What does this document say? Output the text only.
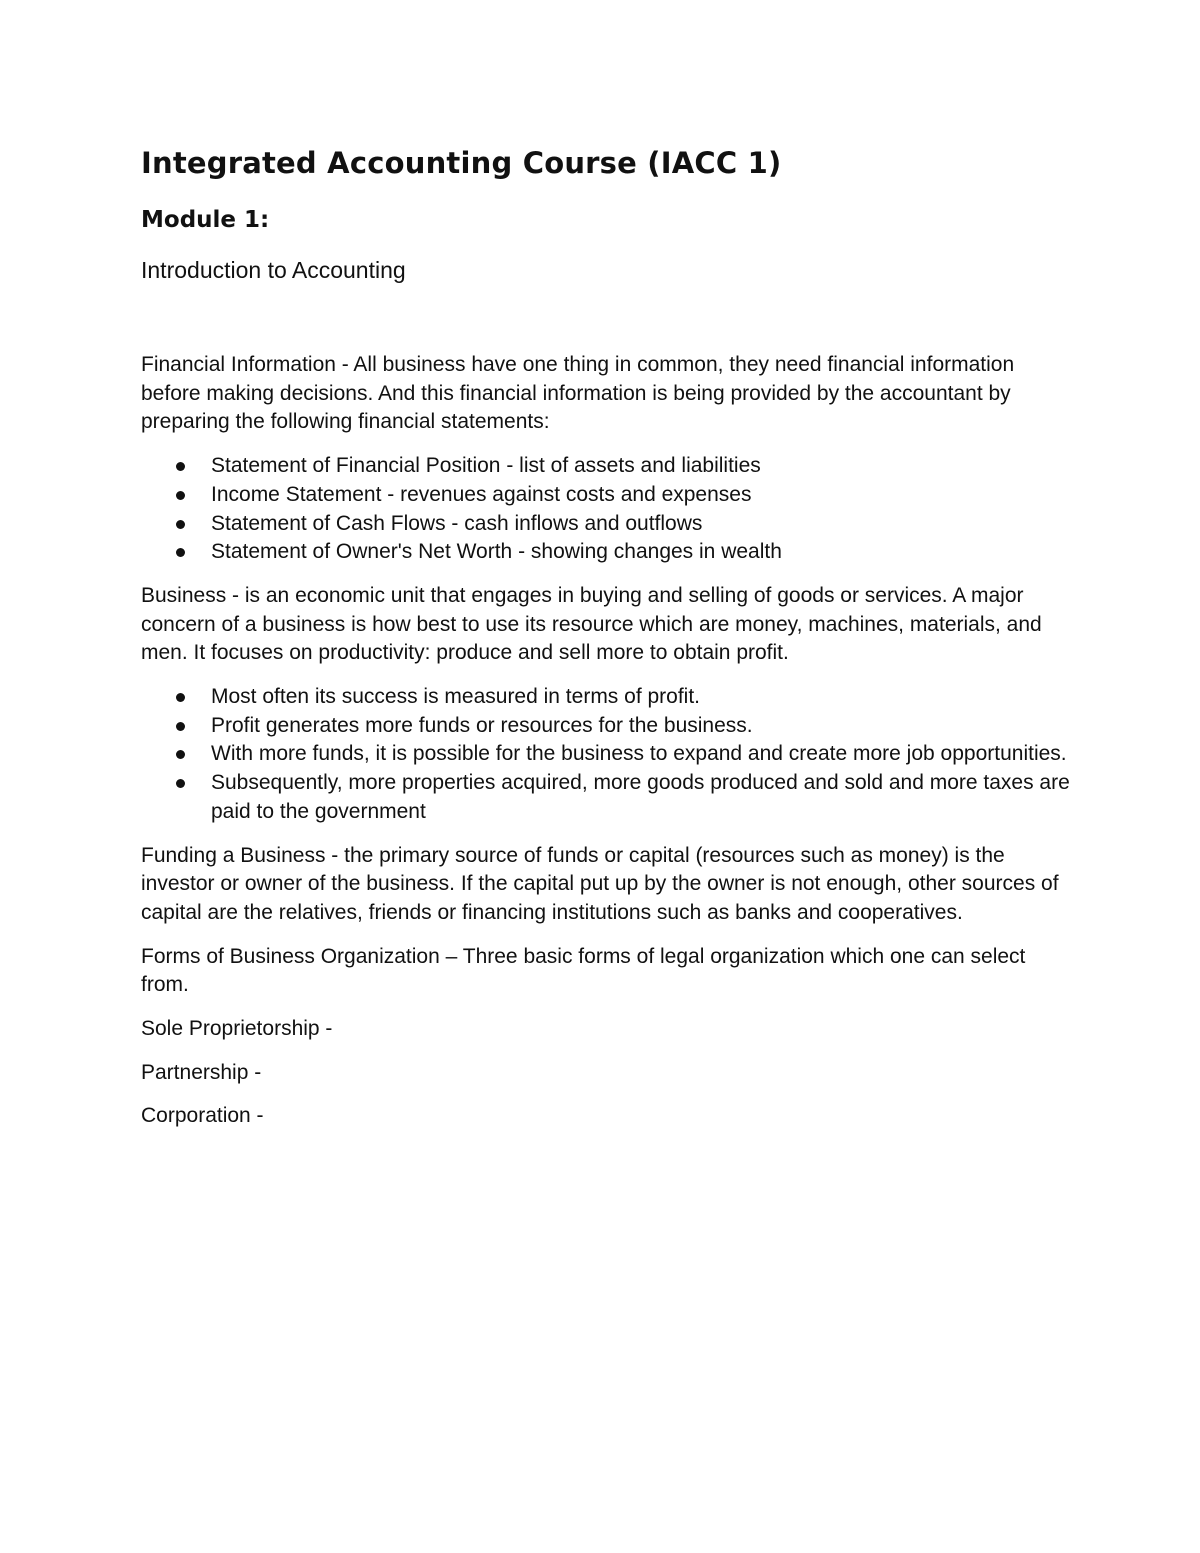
Integrated Accounting Course (IACC 1)
Module 1:
Introduction to Accounting

Financial Information - All business have one thing in common, they need financial information before making decisions. And this financial information is being provided by the accountant by preparing the following financial statements:

Statement of Financial Position - list of assets and liabilities
Income Statement - revenues against costs and expenses
Statement of Cash Flows - cash inflows and outflows
Statement of Owner's Net Worth - showing changes in wealth

Business - is an economic unit that engages in buying and selling of goods or services. A major concern of a business is how best to use its resource which are money, machines, materials, and men. It focuses on productivity: produce and sell more to obtain profit.

Most often its success is measured in terms of profit.
Profit generates more funds or resources for the business.
With more funds, it is possible for the business to expand and create more job opportunities.
Subsequently, more properties acquired, more goods produced and sold and more taxes are paid to the government

Funding a Business - the primary source of funds or capital (resources such as money) is the investor or owner of the business. If the capital put up by the owner is not enough, other sources of capital are the relatives, friends or financing institutions such as banks and cooperatives.

Forms of Business Organization – Three basic forms of legal organization which one can select from.

Sole Proprietorship -

Partnership -

Corporation -
